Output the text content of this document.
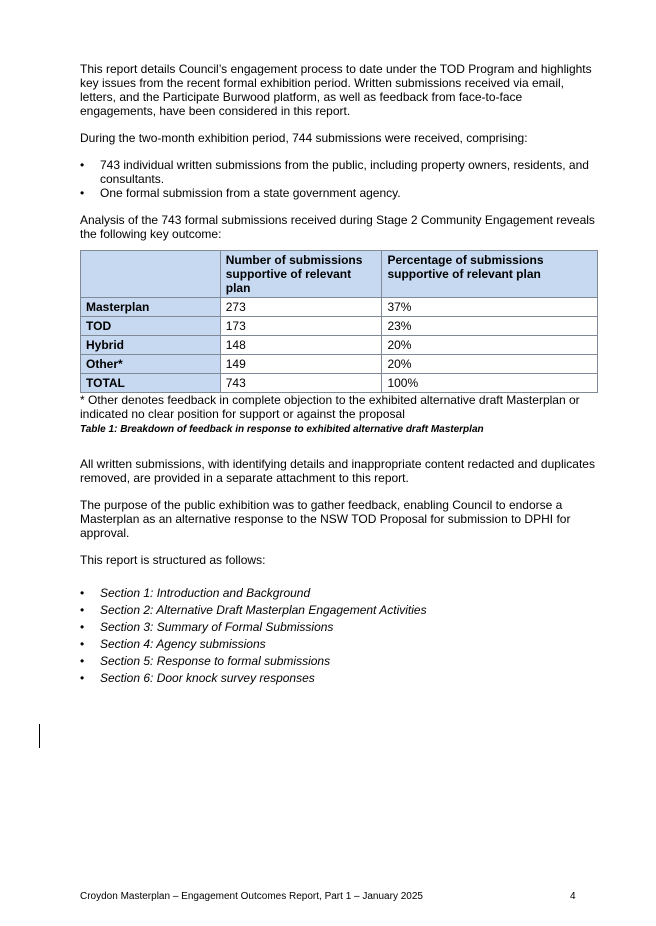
This report details Council’s engagement process to date under the TOD Program and highlights key issues from the recent formal exhibition period. Written submissions received via email, letters, and the Participate Burwood platform, as well as feedback from face-to-face engagements, have been considered in this report.

During the two-month exhibition period, 744 submissions were received, comprising:

• 743 individual written submissions from the public, including property owners, residents, and consultants.
• One formal submission from a state government agency.

Analysis of the 743 formal submissions received during Stage 2 Community Engagement reveals the following key outcome:

	Number of submissions supportive of relevant plan	Percentage of submissions supportive of relevant plan
Masterplan	273	37%
TOD	173	23%
Hybrid	148	20%
Other*	149	20%
TOTAL	743	100%

* Other denotes feedback in complete objection to the exhibited alternative draft Masterplan or indicated no clear position for support or against the proposal

Table 1: Breakdown of feedback in response to exhibited alternative draft Masterplan

All written submissions, with identifying details and inappropriate content redacted and duplicates removed, are provided in a separate attachment to this report.

The purpose of the public exhibition was to gather feedback, enabling Council to endorse a Masterplan as an alternative response to the NSW TOD Proposal for submission to DPHI for approval.

This report is structured as follows:

• Section 1: Introduction and Background
• Section 2: Alternative Draft Masterplan Engagement Activities
• Section 3: Summary of Formal Submissions
• Section 4: Agency submissions
• Section 5: Response to formal submissions
• Section 6: Door knock survey responses
Croydon Masterplan – Engagement Outcomes Report, Part 1 – January 2025	4
